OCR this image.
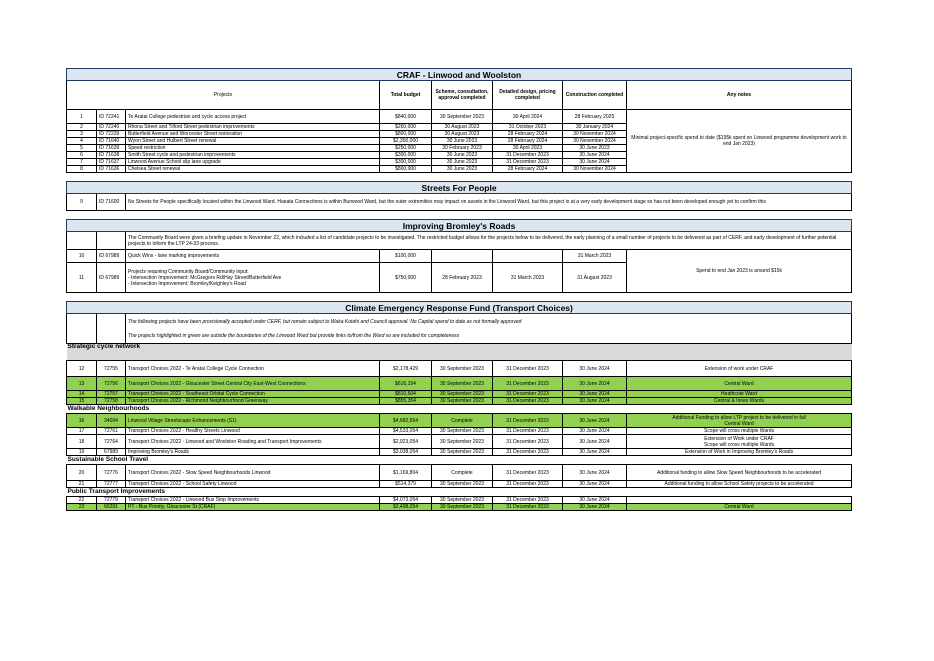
CRAF - Linwood and Woolston							
Projects			Total budget	Scheme, consultation, approval completed	Detailed design, pricing completed	Construction completed	Any notes
1	ID 72241	Te Aratai College pedestrian and cycle access project	$840,000	30 September 2023	30 April 2024	28 February 2025	Minimal project-specific spend to date ($195k spent on Linwood programme development work to end Jan 2023)
2	ID 72240	Rhona Street and Tilford Street pedestrian improvements	$260,000	30 August 2023	31 October 2023	30 January 2024	
3	ID 72239	Butterfield Avenue and Worcester Street restoration	$800,000	30 August 2023	28 February 2024	30 November 2024	
4	ID 71640	Wyon Street and Hulbert Street renewal	$2,350,000	30 June 2023	28 February 2024	30 November 2024	
5	ID 71639	Speed restriction	$250,000	30 February 2023	30 April 2023	30 June 2023	
6	ID 71638	Smith Street cycle and pedestrian improvements	$300,000	30 June 2023	31 December 2023	30 June 2024	
7	ID 71637	Linwood Avenue School slip lane upgrade	$300,000	30 June 2023	31 December 2023	30 June 2024	
8	ID 71636	Chelsea Street renewal	$800,000	30 June 2023	28 February 2024	30 November 2024	
Streets For People
9	ID 71600	No Streets for People specifically located within the Linwood Ward. Haeata Connections is within Burwood Ward, but the outer extremities may impact on assets in the Linwood Ward, but this project is at a very early development stage so has not been developed enough yet to confirm this
Improving Bromley's Roads							
		The Community Board were given a briefing update in November 22, which included a list of candidate projects to be investigated. The restricted budget allows for the projects below to be delivered, the early planning of a small number of projects to be delivered as part of CERF, and early development of further potential projects to inform the LTP 24-33 process.					
10	ID 67989	Quick Wins - lane marking improvements	$100,000			31 March 2023	Spend to end Jan 2023 is around $15k
11	ID 67989	Projects requiring Community Board/Community input:
- Intersection Improvement: McGregors Rd/Hay Street/Butterfield Ave
- Intersection Improvement: Bromley/Keighley's Road	$750,000	28 February 2023	31 March 2023	31 August 2023	
Climate Emergency Response Fund (Transport Choices)							

		The following projects have been provisionally accepted under CERF, but remain subject to Waka Kotahi and Council approval. No Capital spend to date as not formally approved
The projects highlighted in green are outside the boundaries of the Linwood Ward but provide links to/from the Ward so are included for completeness					

Strategic cycle network							
12	72755	Transport Choices 2022 - Te Aratai College Cycle Connection	$2,178,429	30 September 2023	31 December 2023	30 June 2024	Extension of work under CRAF
13	72756	Transport Choices 2022 - Gloucester Street Central City East-West Connections	$616,154	30 September 2023	31 December 2023	30 June 2024	Central Ward
14	72757	Transport Choices 2022 - Southeast Orbital Cycle Connection	$810,504	30 September 2023	31 December 2023	30 June 2024	Heathcote Ward
15	72758	Transport Choices 2022 - Richmond Neighbourhood Greenway	$855,354	30 September 2023	31 December 2023	30 June 2024	Central & Innes Wards
Walkable Neighbourhoods							
16	34094	Linwood Village Streetscape Enhancements (S1)	$4,682,554	Complete	31 December 2023	30 June 2024	Additional Funding to allow LTP project to be delivered in full
Central Ward

17	72761	Transport Choices 2022 - Healthy Streets Linwood	$4,533,054	30 September 2023	31 December 2023	30 June 2024	Scope will cross multiple Wards
18	72764	Transport Choices 2022 - Linwood and Woolston Roading and Transport Improvements	$2,923,054	30 September 2023	31 December 2023	30 June 2024	Extension of Work under CRAF
Scope will cross multiple Wards

19	67989	Improving Bromley's Roads	$3,038,054	30 September 2023	31 December 2023	30 June 2024	Extension of Work in Improving Bromley's Roads
Sustainable School Travel							
20	72776	Transport Choices 2022 - Slow Speed Neighbourhoods Linwood	$1,169,804	Complete	31 December 2023	30 June 2024	Additional funding to allow Slow Speed Neighbourhoods to be accelerated
21	72777	Transport Choices 2022 - School Safety Linwood	$514,379	30 September 2023	31 December 2023	30 June 2024	Additional funding to allow School Safety projects to be accelerated
Public Transport Improvements							
22	72779	Transport Choices 2022 - Linwood Bus Stop Improvements	$4,073,054	30 September 2023	31 December 2023	30 June 2024	
23	66291	PT - Bus Priority, Gloucester St (CRAF)	$3,498,054	30 September 2023	31 December 2023	30 June 2024	Central Ward
